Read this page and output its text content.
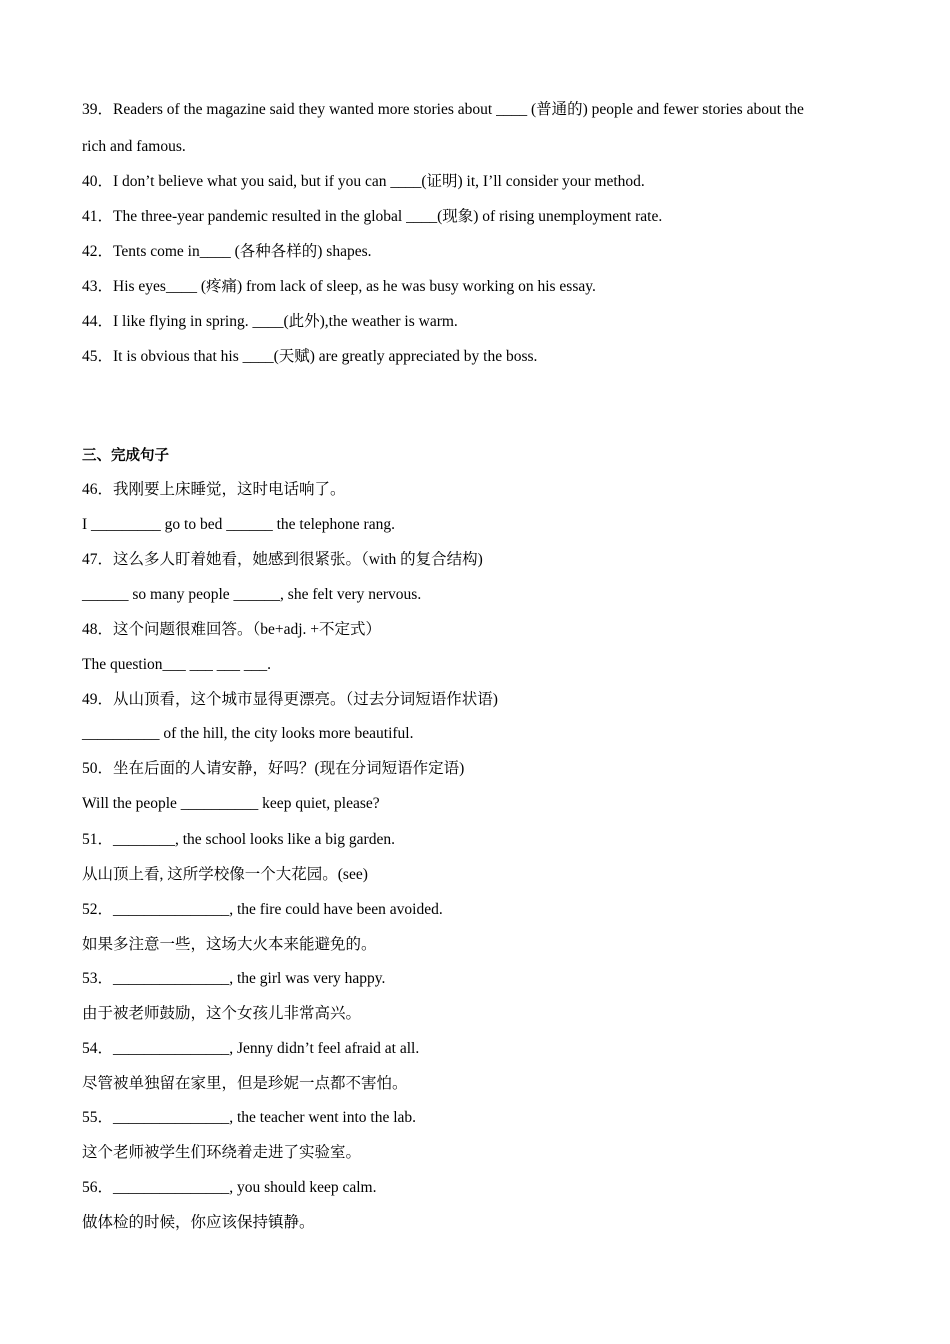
39．Readers of the magazine said they wanted more stories about ____ (普通的) people and fewer stories about the
rich and famous.
40．I don’t believe what you said, but if you can ____(证明) it, I’ll consider your method.
41．The three-year pandemic resulted in the global ____(现象) of rising unemployment rate.
42．Tents come in____ (各种各样的) shapes.
43．His eyes____ (疼痛) from lack of sleep, as he was busy working on his essay.
44．I like flying in spring. ____(此外),the weather is warm.
45．It is obvious that his ____(天赋) are greatly appreciated by the boss.
三、完成句子
46．我刚要上床睡觉，这时电话响了。
I _________ go to bed ______ the telephone rang.
47．这么多人盯着她看，她感到很紧张。（with 的复合结构)
______ so many people ______, she felt very nervous.
48．这个问题很难回答。（be+adj. +不定式）
The question___ ___ ___ ___.
49．从山顶看，这个城市显得更漂亮。（过去分词短语作状语)
__________ of the hill, the city looks more beautiful.
50．坐在后面的人请安静，好吗？(现在分词短语作定语)
Will the people __________ keep quiet, please?
51．________, the school looks like a big garden.
从山顶上看, 这所学校像一个大花园。(see)
52．_______________, the fire could have been avoided.
如果多注意一些，这场大火本来能避免的。
53．_______________, the girl was very happy.
由于被老师鼓励，这个女孩儿非常高兴。
54．_______________, Jenny didn’t feel afraid at all.
尽管被单独留在家里，但是珍妮一点都不害怕。
55．_______________, the teacher went into the lab.
这个老师被学生们环绕着走进了实验室。
56．_______________, you should keep calm.
做体检的时候，你应该保持镇静。
